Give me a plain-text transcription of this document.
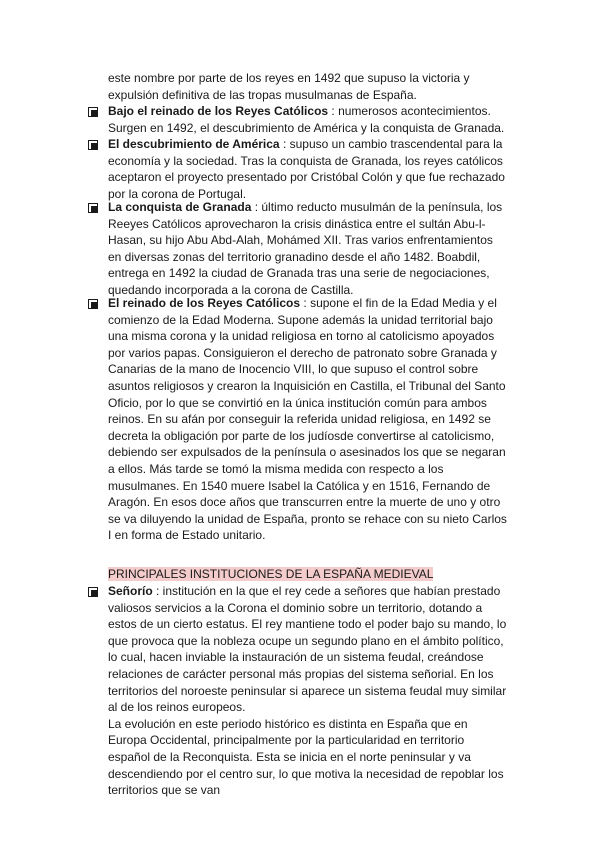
este nombre por parte de los reyes en 1492 que supuso la victoria y expulsión definitiva de las tropas musulmanas de España.

Bajo el reinado de los Reyes Católicos : numerosos acontecimientos. Surgen en 1492, el descubrimiento de América y la conquista de Granada.
El descubrimiento de América : supuso un cambio trascendental para la economía y la sociedad. Tras la conquista de Granada, los reyes católicos aceptaron el proyecto presentado por Cristóbal Colón y que fue rechazado por la corona de Portugal.
La conquista de Granada : último reducto musulmán de la península, los Reeyes Católicos aprovecharon la crisis dinástica entre el sultán Abu-l-Hasan, su hijo Abu Abd-Alah, Mohámed XII. Tras varios enfrentamientos en diversas zonas del territorio granadino desde el año 1482. Boabdil, entrega en 1492 la ciudad de Granada tras una serie de negociaciones, quedando incorporada a la corona de Castilla.
El reinado de los Reyes Católicos : supone el fin de la Edad Media y el comienzo de la Edad Moderna. Supone además la unidad territorial bajo una misma corona y la unidad religiosa en torno al catolicismo apoyados por varios papas. Consiguieron el derecho de patronato sobre Granada y Canarias de la mano de Inocencio VIII, lo que supuso el control sobre asuntos religiosos y crearon la Inquisición en Castilla, el Tribunal del Santo Oficio, por lo que se convirtió en la única institución común para ambos reinos. En su afán por conseguir la referida unidad religiosa, en 1492 se decreta la obligación por parte de los judíosde convertirse al catolicismo, debiendo ser expulsados de la península o asesinados los que se negaran a ellos. Más tarde se tomó la misma medida con respecto a los musulmanes. En 1540 muere Isabel la Católica y en 1516, Fernando de Aragón. En esos doce años que transcurren entre la muerte de uno y otro se va diluyendo la unidad de España, pronto se rehace con su nieto Carlos I en forma de Estado unitario.
PRINCIPALES INSTITUCIONES DE LA ESPAÑA MEDIEVAL
Señorío : institución en la que el rey cede a señores que habían prestado valiosos servicios a la Corona el dominio sobre un territorio, dotando a estos de un cierto estatus. El rey mantiene todo el poder bajo su mando, lo que provoca que la nobleza ocupe un segundo plano en el ámbito político, lo cual, hacen inviable la instauración de un sistema feudal, creándose relaciones de carácter personal más propias del sistema señorial. En los territorios del noroeste peninsular si aparece un sistema feudal muy similar al de los reinos europeos.
La evolución en este periodo histórico es distinta en España que en Europa Occidental, principalmente por la particularidad en territorio español de la Reconquista. Esta se inicia en el norte peninsular y va descendiendo por el centro sur, lo que motiva la necesidad de repoblar los territorios que se van
